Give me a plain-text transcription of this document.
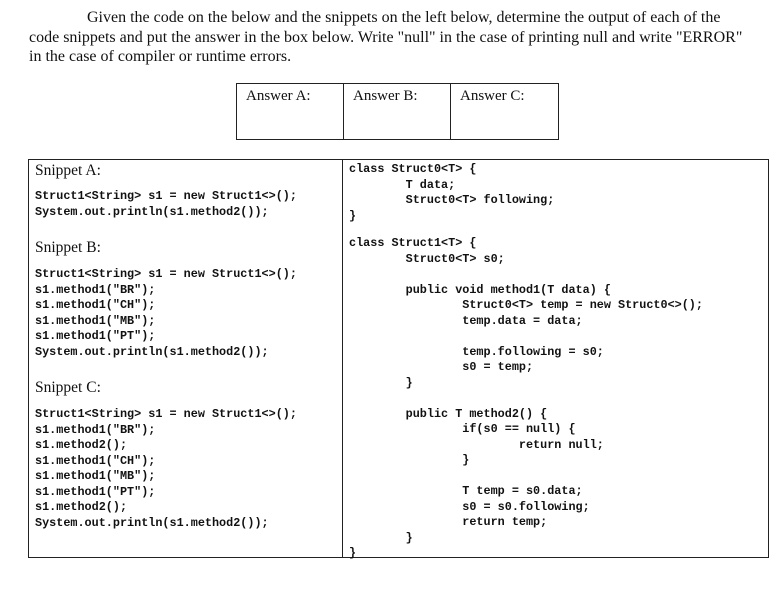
Given the code on the below and the snippets on the left below, determine the output of each of the
code snippets and put the answer in the box below. Write "null" in the case of printing null and write "ERROR"
in the case of compiler or runtime errors.

Answer A:	Answer B:	Answer C:
Snippet A:
Struct1<String> s1 = new Struct1<>();
System.out.println(s1.method2());
Snippet B:
Struct1<String> s1 = new Struct1<>();
s1.method1("BR");
s1.method1("CH");
s1.method1("MB");
s1.method1("PT");
System.out.println(s1.method2());
Snippet C:
Struct1<String> s1 = new Struct1<>();
s1.method1("BR");
s1.method2();
s1.method1("CH");
s1.method1("MB");
s1.method1("PT");
s1.method2();
System.out.println(s1.method2());
class Struct0<T> {
T data;
Struct0<T> following;
}
class Struct1<T> {
Struct0<T> s0;

public void method1(T data) {
Struct0<T> temp = new Struct0<>();
temp.data = data;

temp.following = s0;
s0 = temp;
}

public T method2() {
if(s0 == null) {
return null;
}

T temp = s0.data;
s0 = s0.following;
return temp;
}
}
